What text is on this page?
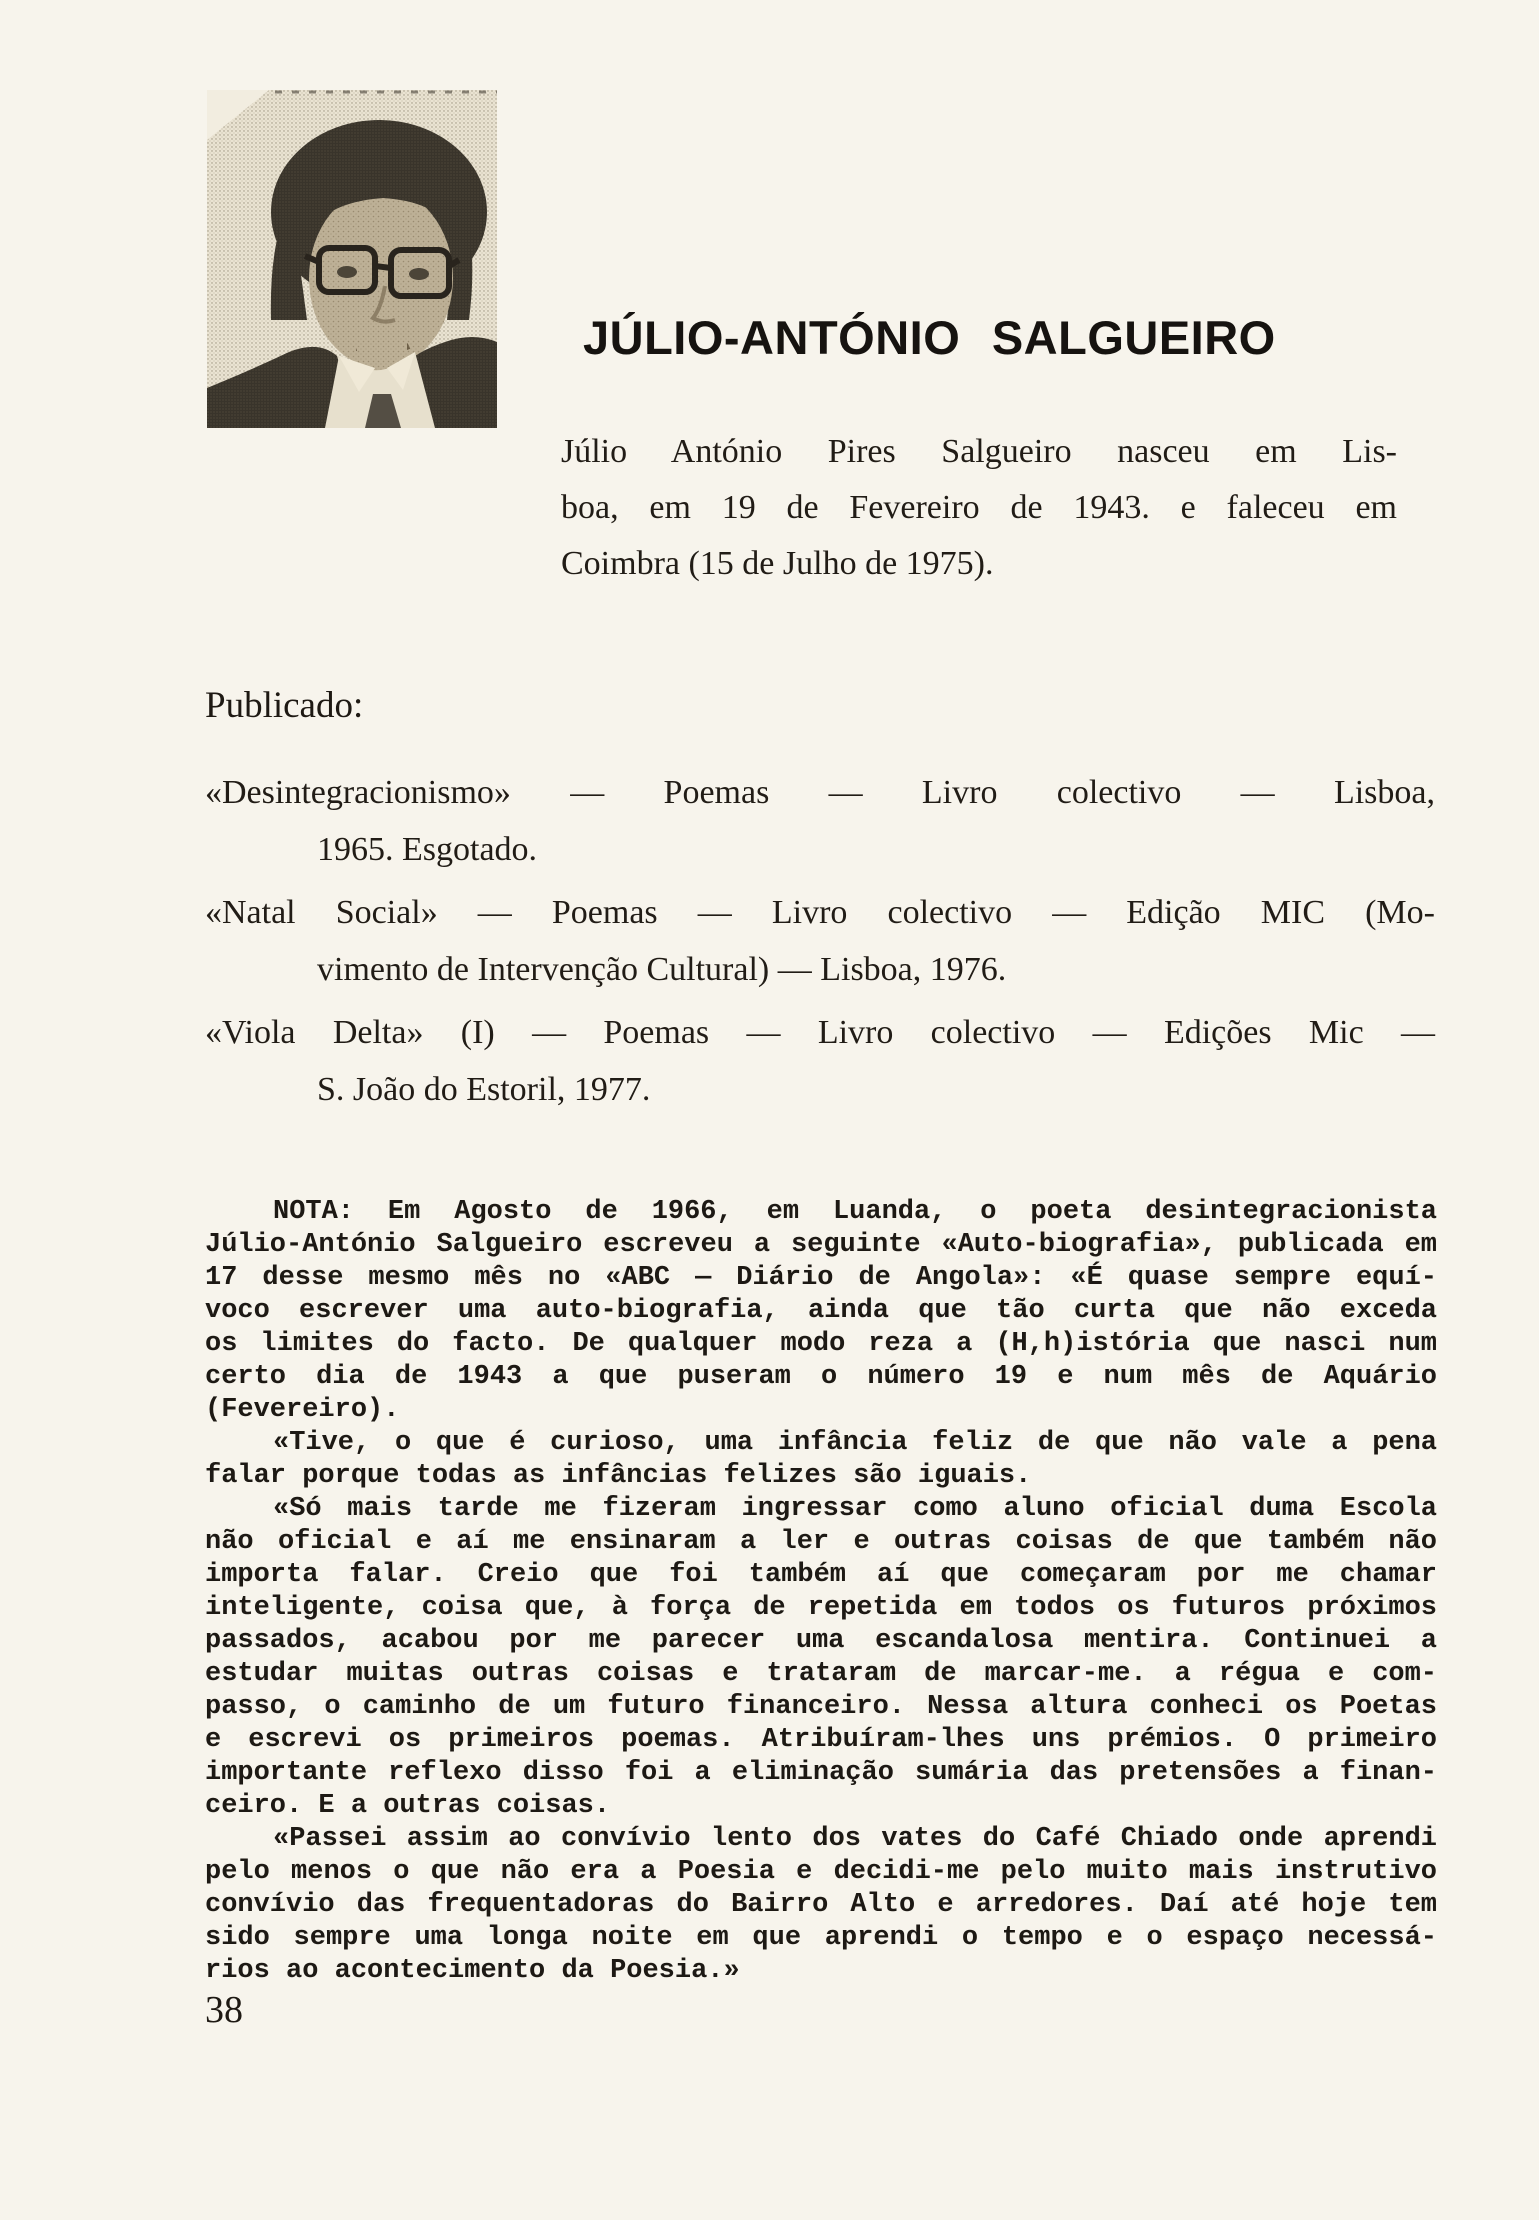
JÚLIO-ANTÓNIO SALGUEIRO
Júlio António Pires Salgueiro nasceu em Lis-
boa, em 19 de Fevereiro de 1943. e faleceu em
Coimbra (15 de Julho de 1975).
Publicado:
«Desintegracionismo» — Poemas — Livro colectivo — Lisboa,
1965. Esgotado.
«Natal Social» — Poemas — Livro colectivo — Edição MIC (Mo-
vimento de Intervenção Cultural) — Lisboa, 1976.
«Viola Delta» (I) — Poemas — Livro colectivo — Edições Mic —
S. João do Estoril, 1977.
NOTA: Em Agosto de 1966, em Luanda, o poeta desintegracionista
Júlio-António Salgueiro escreveu a seguinte «Auto-biografia», publicada em
17 desse mesmo mês no «ABC — Diário de Angola»: «É quase sempre equí-
voco escrever uma auto-biografia, ainda que tão curta que não exceda
os limites do facto. De qualquer modo reza a (H,h)istória que nasci num
certo dia de 1943 a que puseram o número 19 e num mês de Aquário
(Fevereiro).
«Tive, o que é curioso, uma infância feliz de que não vale a pena
falar porque todas as infâncias felizes são iguais.
«Só mais tarde me fizeram ingressar como aluno oficial duma Escola
não oficial e aí me ensinaram a ler e outras coisas de que também não
importa falar. Creio que foi também aí que começaram por me chamar
inteligente, coisa que, à força de repetida em todos os futuros próximos
passados, acabou por me parecer uma escandalosa mentira. Continuei a
estudar muitas outras coisas e trataram de marcar-me. a régua e com-
passo, o caminho de um futuro financeiro. Nessa altura conheci os Poetas
e escrevi os primeiros poemas. Atribuíram-lhes uns prémios. O primeiro
importante reflexo disso foi a eliminação sumária das pretensões a finan-
ceiro. E a outras coisas.
«Passei assim ao convívio lento dos vates do Café Chiado onde aprendi
pelo menos o que não era a Poesia e decidi-me pelo muito mais instrutivo
convívio das frequentadoras do Bairro Alto e arredores. Daí até hoje tem
sido sempre uma longa noite em que aprendi o tempo e o espaço necessá-
rios ao acontecimento da Poesia.»
38
